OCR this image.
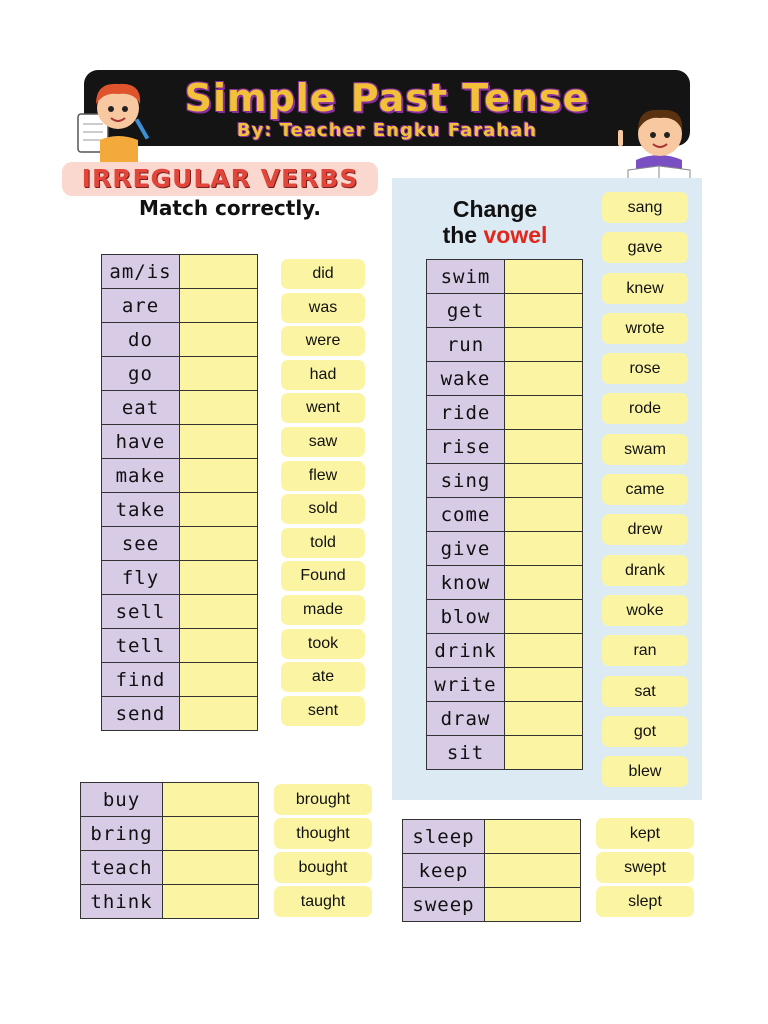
Simple Past Tense
By: Teacher Engku Farahah
IRREGULAR VERBS
Match correctly.	Change
the vowel
am/is	
are	
do	
go	
eat	
have	
make	
take	
see	
fly	
sell	
tell	
find	
send	
did
was
were
had
went
saw
flew
sold
told
Found
made
took
ate
sent
swim	
get	
run	
wake	
ride	
rise	
sing	
come	
give	
know	
blow	
drink	
write	
draw	
sit	
sang
gave
knew
wrote
rose
rode
swam
came
drew
drank
woke
ran
sat
got
blew
buy	
bring	
teach	
think	
brought
thought
bought
taught
sleep	
keep	
sweep	
kept
swept
slept
